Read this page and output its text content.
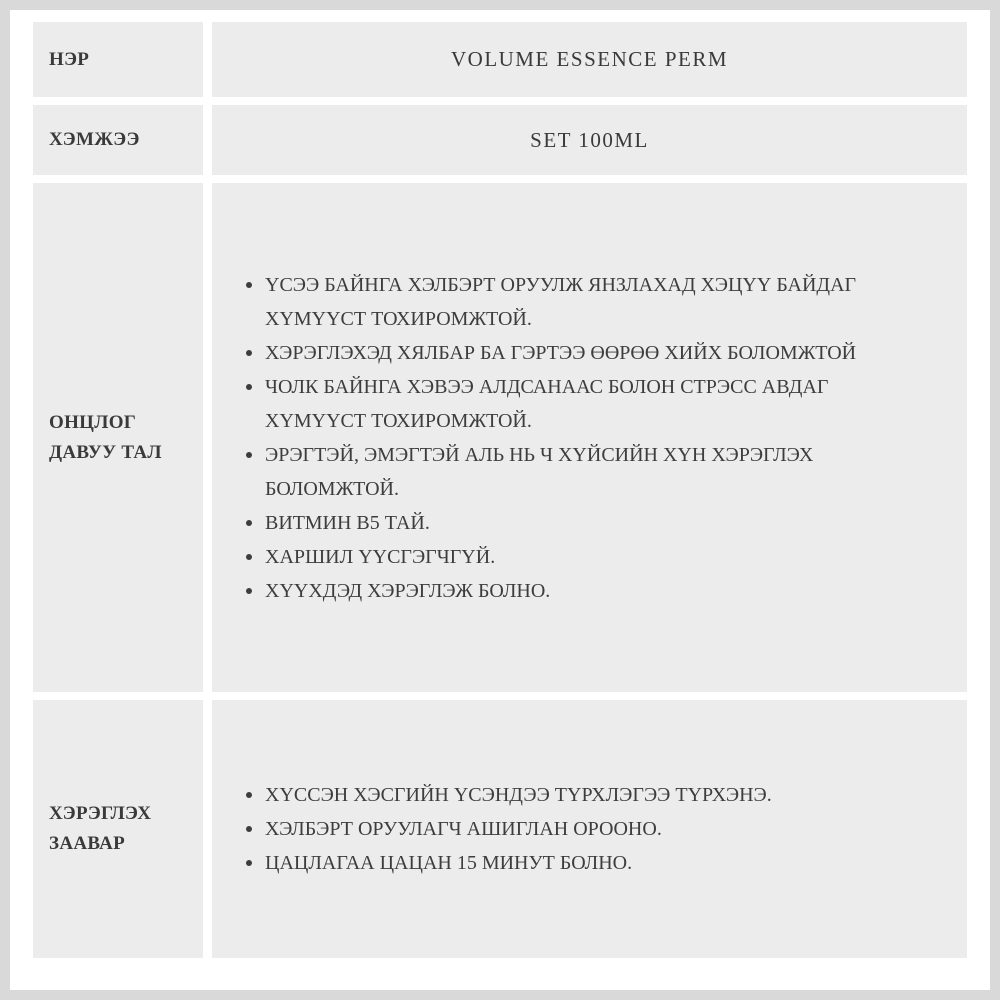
НЭР	VOLUME ESSENCE PERM
ХЭМЖЭЭ	SET 100ML
ОНЦЛОГ ДАВУУ ТАЛ
ҮСЭЭ БАЙНГА ХЭЛБЭРТ ОРУУЛЖ ЯНЗЛАХАД ХЭЦҮҮ БАЙДАГ ХҮМҮҮСТ ТОХИРОМЖТОЙ.
ХЭРЭГЛЭХЭД ХЯЛБАР БА ГЭРТЭЭ ӨӨРӨӨ ХИЙХ БОЛОМЖТОЙ
ЧОЛК БАЙНГА ХЭВЭЭ АЛДСАНААС БОЛОН СТРЭСС АВДАГ ХҮМҮҮСТ ТОХИРОМЖТОЙ.
ЭРЭГТЭЙ, ЭМЭГТЭЙ АЛЬ НЬ Ч ХҮЙСИЙН ХҮН ХЭРЭГЛЭХ БОЛОМЖТОЙ.
ВИТМИН В5 ТАЙ.
ХАРШИЛ ҮҮСГЭГЧГҮЙ.
ХҮҮХДЭД ХЭРЭГЛЭЖ БОЛНО.
ХЭРЭГЛЭХ ЗААВАР
ХҮССЭН ХЭСГИЙН ҮСЭНДЭЭ ТҮРХЛЭГЭЭ ТҮРХЭНЭ.
ХЭЛБЭРТ ОРУУЛАГЧ АШИГЛАН ОРООНО.
ЦАЦЛАГАА ЦАЦАН 15 МИНУТ БОЛНО.
